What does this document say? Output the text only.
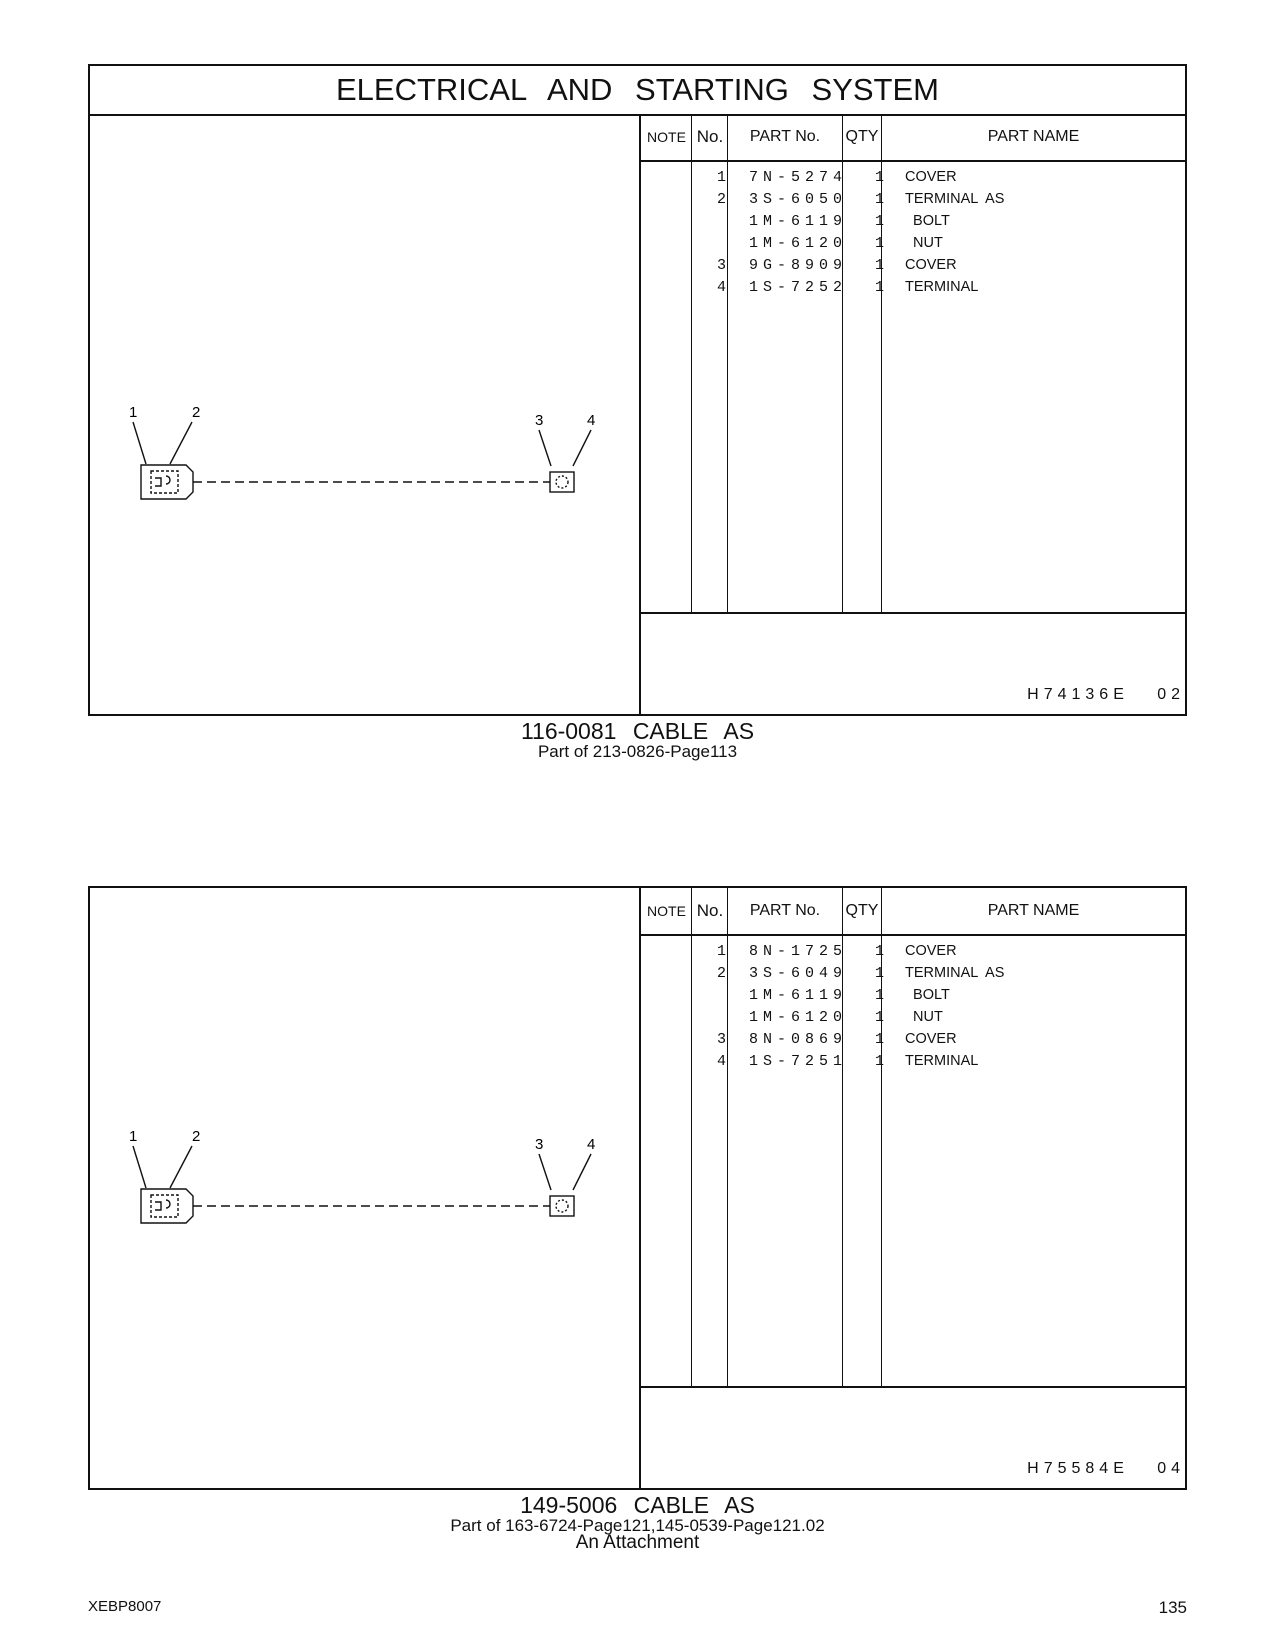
ELECTRICAL AND STARTING SYSTEM
1	2	3	4
NOTE No.	PART No.	QTY	PART NAME
1 7N-5274	1 COVER
2 3S-6050	1 TERMINAL  AS
1M-6119	1 BOLT
1M-6120	1 NUT
3 9G-8909	1 COVER
4 1S-7252	1 TERMINAL
H74136E   02
116-0081 CABLE AS
Part of 213-0826-Page113
1	2	3	4
NOTE No.	PART No.	QTY	PART NAME
1 8N-1725	1 COVER
2 3S-6049	1 TERMINAL  AS
1M-6119	1 BOLT
1M-6120	1 NUT
3 8N-0869	1 COVER
4 1S-7251	1 TERMINAL
H75584E   04
149-5006 CABLE AS
Part of 163-6724-Page121,145-0539-Page121.02
An Attachment
XEBP8007	135
